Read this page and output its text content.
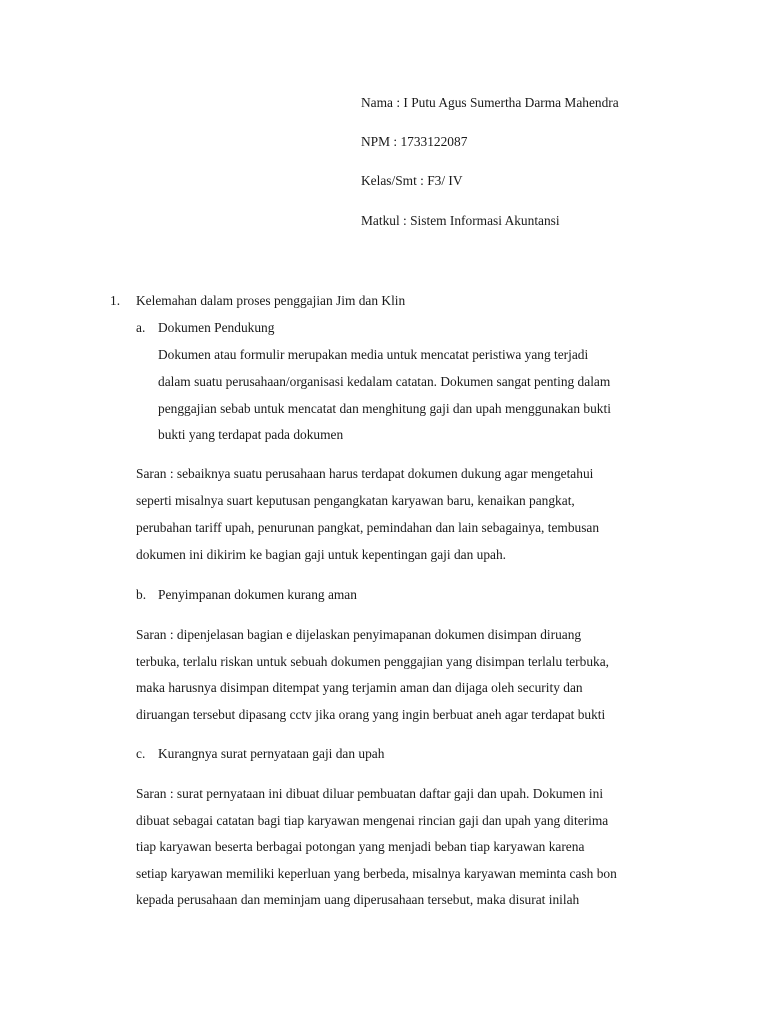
Nama : I Putu Agus Sumertha Darma Mahendra
NPM : 1733122087
Kelas/Smt : F3/ IV
Matkul : Sistem Informasi Akuntansi
1. Kelemahan dalam proses penggajian Jim dan Klin
a. Dokumen Pendukung
Dokumen atau formulir merupakan media untuk mencatat peristiwa yang terjadi
dalam suatu perusahaan/organisasi kedalam catatan. Dokumen sangat penting dalam
penggajian sebab untuk mencatat dan menghitung gaji dan upah menggunakan bukti
bukti yang terdapat pada dokumen
Saran : sebaiknya suatu perusahaan harus terdapat dokumen dukung agar mengetahui
seperti misalnya suart keputusan pengangkatan karyawan baru, kenaikan pangkat,
perubahan tariff upah, penurunan pangkat, pemindahan dan lain sebagainya, tembusan
dokumen ini dikirim ke bagian gaji untuk kepentingan gaji dan upah.
b. Penyimpanan dokumen kurang aman
Saran : dipenjelasan bagian e dijelaskan penyimapanan dokumen disimpan diruang
terbuka, terlalu riskan untuk sebuah dokumen penggajian yang disimpan terlalu terbuka,
maka harusnya disimpan ditempat yang terjamin aman dan dijaga oleh security dan
diruangan tersebut dipasang cctv jika orang yang ingin berbuat aneh agar terdapat bukti
c. Kurangnya surat pernyataan gaji dan upah
Saran : surat pernyataan ini dibuat diluar pembuatan daftar gaji dan upah. Dokumen ini
dibuat sebagai catatan bagi tiap karyawan mengenai rincian gaji dan upah yang diterima
tiap karyawan beserta berbagai potongan yang menjadi beban tiap karyawan karena
setiap karyawan memiliki keperluan yang berbeda, misalnya karyawan meminta cash bon
kepada perusahaan dan meminjam uang diperusahaan tersebut, maka disurat inilah
